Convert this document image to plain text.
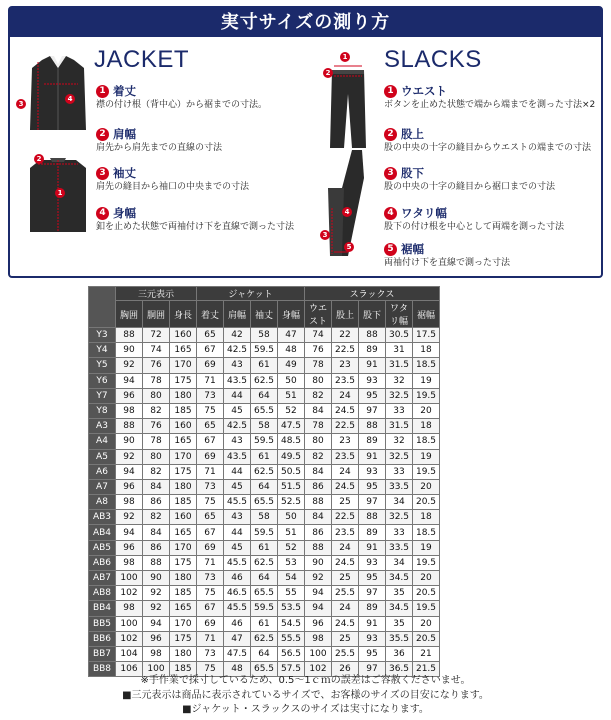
実寸サイズの測り方
3
4
2
1
JACKET
1 着丈
襟の付け根（背中心）から裾までの寸法。
2 肩幅
肩先から肩先までの直線の寸法
3 袖丈
肩先の縫目から袖口の中央までの寸法
4 身幅
釦を止めた状態で両袖付け下を直線で測った寸法
1
2
4
3
5
SLACKS
1 ウエスト
ボタンを止めた状態で端から端までを測った寸法×2
2 股上
股の中央の十字の縫目からウエストの端までの寸法
3 股下
股の中央の十字の縫目から裾口までの寸法
4 ワタリ幅
股下の付け根を中心として両端を測った寸法
5 裾幅
両袖付け下を直線で測った寸法
	三元表示			ジャケット				スラックス				
	胸囲	胴囲	身長	着丈	肩幅	袖丈	身幅	ウエスト	股上	股下	ワタリ幅	裾幅
Y3	88	72	160	65	42	58	47	74	22	88	30.5	17.5
Y4	90	74	165	67	42.5	59.5	48	76	22.5	89	31	18
Y5	92	76	170	69	43	61	49	78	23	91	31.5	18.5
Y6	94	78	175	71	43.5	62.5	50	80	23.5	93	32	19
Y7	96	80	180	73	44	64	51	82	24	95	32.5	19.5
Y8	98	82	185	75	45	65.5	52	84	24.5	97	33	20
A3	88	76	160	65	42.5	58	47.5	78	22.5	88	31.5	18
A4	90	78	165	67	43	59.5	48.5	80	23	89	32	18.5
A5	92	80	170	69	43.5	61	49.5	82	23.5	91	32.5	19
A6	94	82	175	71	44	62.5	50.5	84	24	93	33	19.5
A7	96	84	180	73	45	64	51.5	86	24.5	95	33.5	20
A8	98	86	185	75	45.5	65.5	52.5	88	25	97	34	20.5
AB3	92	82	160	65	43	58	50	84	22.5	88	32.5	18
AB4	94	84	165	67	44	59.5	51	86	23.5	89	33	18.5
AB5	96	86	170	69	45	61	52	88	24	91	33.5	19
AB6	98	88	175	71	45.5	62.5	53	90	24.5	93	34	19.5
AB7	100	90	180	73	46	64	54	92	25	95	34.5	20
AB8	102	92	185	75	46.5	65.5	55	94	25.5	97	35	20.5
BB4	98	92	165	67	45.5	59.5	53.5	94	24	89	34.5	19.5
BB5	100	94	170	69	46	61	54.5	96	24.5	91	35	20
BB6	102	96	175	71	47	62.5	55.5	98	25	93	35.5	20.5
BB7	104	98	180	73	47.5	64	56.5	100	25.5	95	36	21
BB8	106	100	185	75	48	65.5	57.5	102	26	97	36.5	21.5
※手作業で採寸しているため、0.5～1ｃｍの誤差はご容赦くださいませ。
■三元表示は商品に表示されているサイズで、お客様のサイズの目安になります。
■ジャケット・スラックスのサイズは実寸になります。
